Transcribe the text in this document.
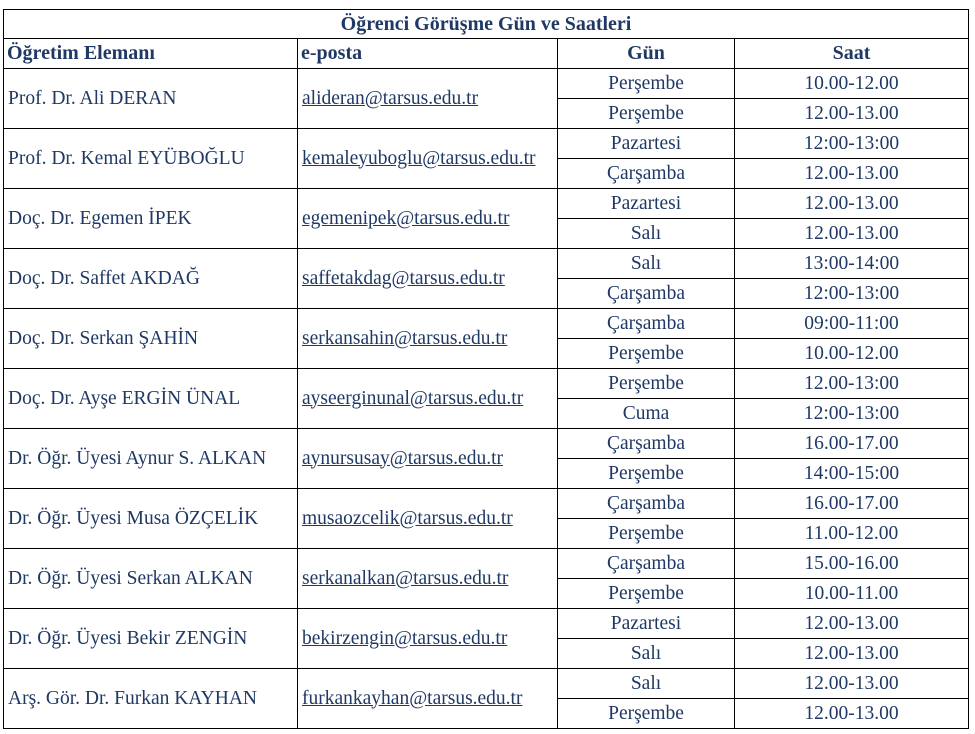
Öğrenci Görüşme Gün ve Saatleri			
Öğretim Elemanı	e-posta	Gün	Saat
Prof. Dr. Ali DERAN	alideran@tarsus.edu.tr	Perşembe	10.00-12.00
		Perşembe	12.00-13.00
Prof. Dr. Kemal EYÜBOĞLU	kemaleyuboglu@tarsus.edu.tr	Pazartesi	12:00-13:00
		Çarşamba	12.00-13.00
Doç. Dr. Egemen İPEK	egemenipek@tarsus.edu.tr	Pazartesi	12.00-13.00
		Salı	12.00-13.00
Doç. Dr. Saffet AKDAĞ	saffetakdag@tarsus.edu.tr	Salı	13:00-14:00
		Çarşamba	12:00-13:00
Doç. Dr. Serkan ŞAHİN	serkansahin@tarsus.edu.tr	Çarşamba	09:00-11:00
		Perşembe	10.00-12.00
Doç. Dr. Ayşe ERGİN ÜNAL	ayseerginunal@tarsus.edu.tr	Perşembe	12.00-13:00
		Cuma	12:00-13:00
Dr. Öğr. Üyesi Aynur S. ALKAN	aynursusay@tarsus.edu.tr	Çarşamba	16.00-17.00
		Perşembe	14:00-15:00
Dr. Öğr. Üyesi Musa ÖZÇELİK	musaozcelik@tarsus.edu.tr	Çarşamba	16.00-17.00
		Perşembe	11.00-12.00
Dr. Öğr. Üyesi Serkan ALKAN	serkanalkan@tarsus.edu.tr	Çarşamba	15.00-16.00
		Perşembe	10.00-11.00
Dr. Öğr. Üyesi Bekir ZENGİN	bekirzengin@tarsus.edu.tr	Pazartesi	12.00-13.00
		Salı	12.00-13.00
Arş. Gör. Dr. Furkan KAYHAN	furkankayhan@tarsus.edu.tr	Salı	12.00-13.00
		Perşembe	12.00-13.00
